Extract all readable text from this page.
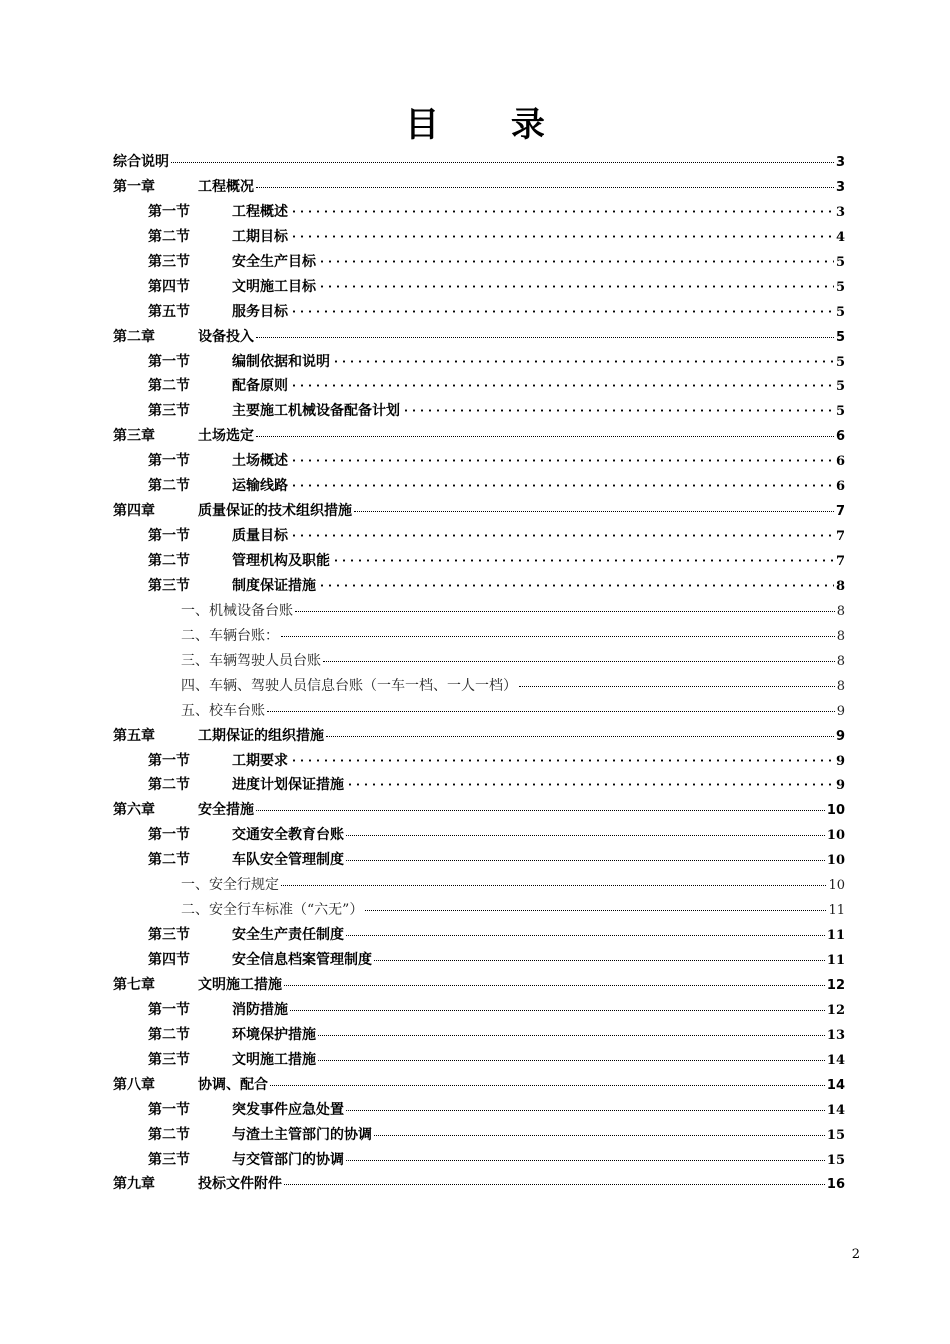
目 录
综合说明	3
第一章	工程概况	3
第一节	工程概述	3
第二节	工期目标	4
第三节	安全生产目标	5
第四节	文明施工目标	5
第五节	服务目标	5
第二章	设备投入	5
第一节	编制依据和说明	5
第二节	配备原则	5
第三节	主要施工机械设备配备计划	5
第三章	土场选定	6
第一节	土场概述	6
第二节	运输线路	6
第四章	质量保证的技术组织措施	7
第一节	质量目标	7
第二节	管理机构及职能	7
第三节	制度保证措施	8
一、机械设备台账	8
二、车辆台账：	8
三、车辆驾驶人员台账	8
四、车辆、驾驶人员信息台账（一车一档、一人一档）	8
五、校车台账	9
第五章	工期保证的组织措施	9
第一节	工期要求	9
第二节	进度计划保证措施	9
第六章	安全措施	10
第一节	交通安全教育台账	10
第二节	车队安全管理制度	10
一、安全行规定	10
二、安全行车标准（“六无”）	11
第三节	安全生产责任制度	11
第四节	安全信息档案管理制度	11
第七章	文明施工措施	12
第一节	消防措施	12
第二节	环境保护措施	13
第三节	文明施工措施	14
第八章	协调、配合	14
第一节	突发事件应急处置	14
第二节	与渣土主管部门的协调	15
第三节	与交管部门的协调	15
第九章	投标文件附件	16
2
